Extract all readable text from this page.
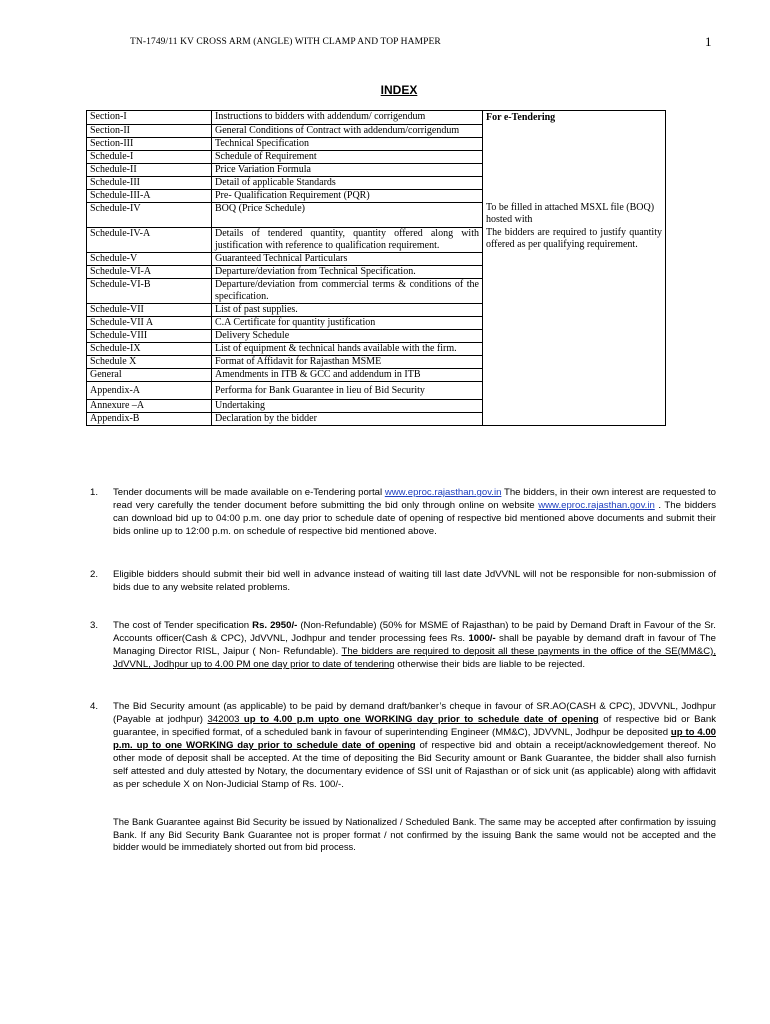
TN-1749/11 KV CROSS ARM (ANGLE) WITH CLAMP AND TOP HAMPER	1
INDEX
Section-I	Instructions to bidders with addendum/ corrigendum	For e-Tendering
Section-II	General Conditions of Contract with addendum/corrigendum	
Section-III	Technical Specification	
Schedule-I	Schedule of Requirement	
Schedule-II	Price Variation Formula	
Schedule-III	Detail of applicable Standards	
Schedule-III-A	Pre- Qualification Requirement (PQR)	
Schedule-IV	BOQ (Price Schedule)	To be filled in attached MSXL file (BOQ) hosted with
Schedule-IV-A	Details of tendered quantity, quantity offered along with justification with reference to qualification requirement.	The bidders are required to justify quantity offered as per qualifying requirement.
Schedule-V	Guaranteed Technical Particulars	
Schedule-VI-A	Departure/deviation from Technical Specification.	
Schedule-VI-B	Departure/deviation from commercial terms & conditions of the specification.	
Schedule-VII	List of past supplies.	
Schedule-VII A	C.A Certificate for quantity justification	
Schedule-VIII	Delivery Schedule	
Schedule-IX	List of equipment & technical hands available with the firm.	
Schedule X	Format of Affidavit for Rajasthan MSME	
General	Amendments in ITB & GCC and addendum in ITB	
Appendix-A	Performa for Bank Guarantee in lieu of Bid Security	
Annexure –A	Undertaking	
Appendix-B	Declaration by the bidder	
1. Tender documents will be made available on e-Tendering portal www.eproc.rajasthan.gov.in The bidders, in their own interest are requested to read very carefully the tender document before submitting the bid only through online on website www.eproc.rajasthan.gov.in . The bidders can download bid up to 04:00 p.m. one day prior to schedule date of opening of respective bid mentioned above documents and submit their bids online up to 12:00 p.m. on schedule of respective bid mentioned above.
2. Eligible bidders should submit their bid well in advance instead of waiting till last date JdVVNL will not be responsible for non-submission of bids due to any website related problems.
3. The cost of Tender specification Rs. 2950/- (Non-Refundable) (50% for MSME of Rajasthan) to be paid by Demand Draft in Favour of the Sr. Accounts officer(Cash & CPC), JdVVNL, Jodhpur and tender processing fees Rs. 1000/- shall be payable by demand draft in favour of The Managing Director RISL, Jaipur ( Non- Refundable). The bidders are required to deposit all these payments in the office of the SE(MM&C), JdVVNL, Jodhpur up to 4.00 PM one day prior to date of tendering otherwise their bids are liable to be rejected.
4. The Bid Security amount (as applicable) to be paid by demand draft/banker’s cheque in favour of SR.AO(CASH & CPC), JDVVNL, Jodhpur (Payable at jodhpur) 342003 up to 4.00 p.m upto one WORKING day prior to schedule date of opening of respective bid or Bank guarantee, in specified format, of a scheduled bank in favour of superintending Engineer (MM&C), JDVVNL, Jodhpur be deposited up to 4.00 p.m. up to one WORKING day prior to schedule date of opening of respective bid and obtain a receipt/acknowledgement thereof. No other mode of deposit shall be accepted. At the time of depositing the Bid Security amount or Bank Guarantee, the bidder shall also furnish self attested and duly attested by Notary, the documentary evidence of SSI unit of Rajasthan or of sick unit (as applicable) along with affidavit as per schedule X on Non-Judicial Stamp of Rs. 100/-.
The Bank Guarantee against Bid Security be issued by Nationalized / Scheduled Bank. The same may be accepted after confirmation by issuing Bank. If any Bid Security Bank Guarantee not is proper format / not confirmed by the issuing Bank the same would not be accepted and the bidder would be immediately shorted out from bid process.
